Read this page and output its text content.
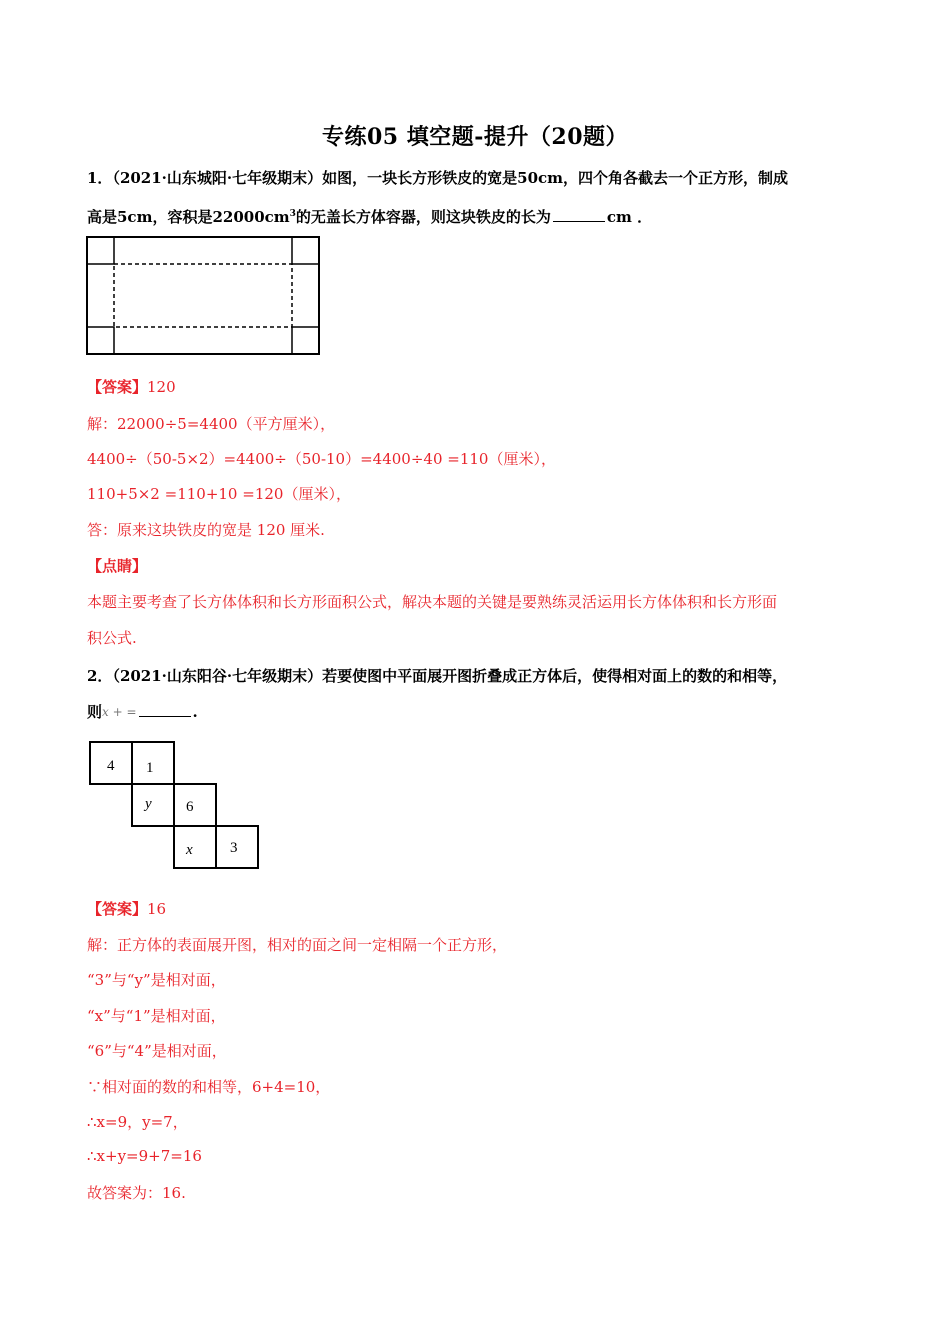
专练05 填空题-提升（20题）
1．（2021·山东城阳·七年级期末）如图，一块长方形铁皮的宽是50cm，四个角各截去一个正方形，制成
高是5cm，容积是$22000cm^3$的无盖长方体容器，则这块铁皮的长为	cm ．
【答案】120
解：22000÷5=4400（平方厘米），
4400÷（50-5×2）=4400÷（50-10）=4400÷40 =110（厘米），
110+5×2 =110+10 =120（厘米），
答：原来这块铁皮的宽是 120 厘米.
【点睛】
本题主要考查了长方体体积和长方形面积公式，解决本题的关键是要熟练灵活运用长方体体积和长方形面
积公式.
2．（2021·山东阳谷·七年级期末）若要使图中平面展开图折叠成正方体后，使得相对面上的数的和相等，
则$^{x + =}$	.
4 1
y 6
x 3
【答案】16
解：正方体的表面展开图，相对的面之间一定相隔一个正方形，
“3”与“y”是相对面，
“x”与“1”是相对面，
“6”与“4”是相对面，
∵相对面的数的和相等，6+4=10，
∴x=9，y=7，
∴x+y=9+7=16
故答案为：16.
